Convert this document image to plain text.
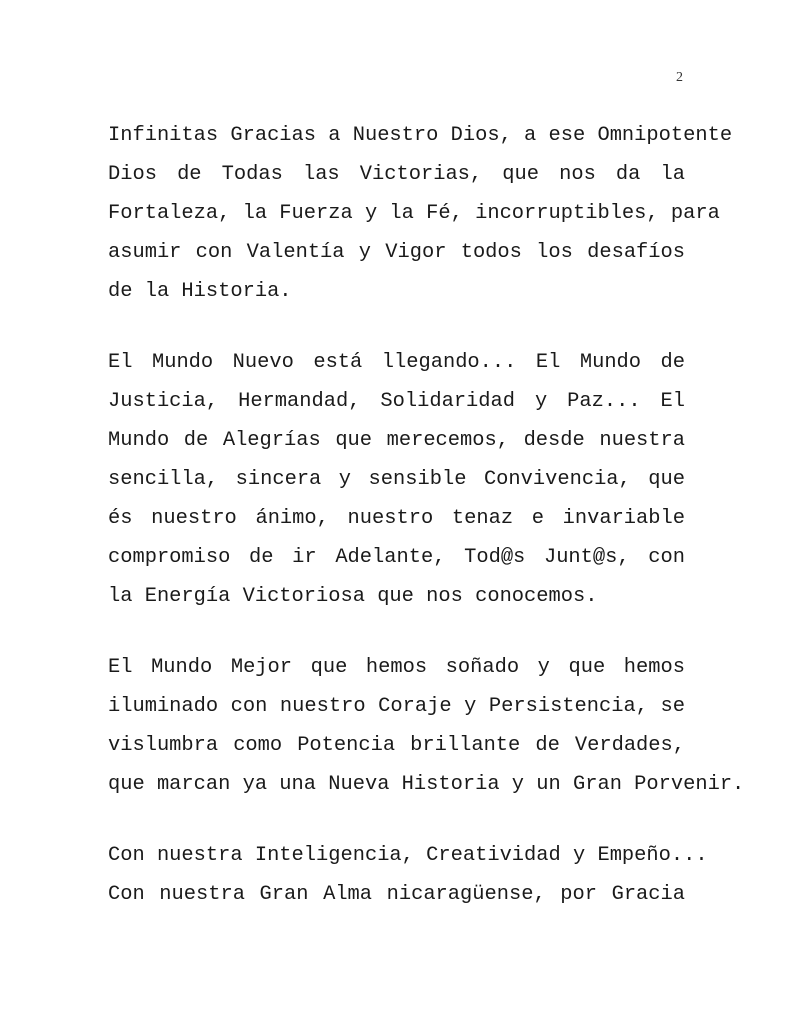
2
Infinitas Gracias a Nuestro Dios, a ese Omnipotente
Dios de Todas las Victorias, que nos da la
Fortaleza, la Fuerza y la Fé, incorruptibles, para
asumir con Valentía y Vigor todos los desafíos
de la Historia.
El Mundo Nuevo está llegando... El Mundo de
Justicia, Hermandad, Solidaridad y Paz... El
Mundo de Alegrías que merecemos, desde nuestra
sencilla, sincera y sensible Convivencia, que
és nuestro ánimo, nuestro tenaz e invariable
compromiso de ir Adelante, Tod@s Junt@s, con
la Energía Victoriosa que nos conocemos.
El Mundo Mejor que hemos soñado y que hemos
iluminado con nuestro Coraje y Persistencia, se
vislumbra como Potencia brillante de Verdades,
que marcan ya una Nueva Historia y un Gran Porvenir.
Con nuestra Inteligencia, Creatividad y Empeño...
Con nuestra Gran Alma nicaragüense, por Gracia
